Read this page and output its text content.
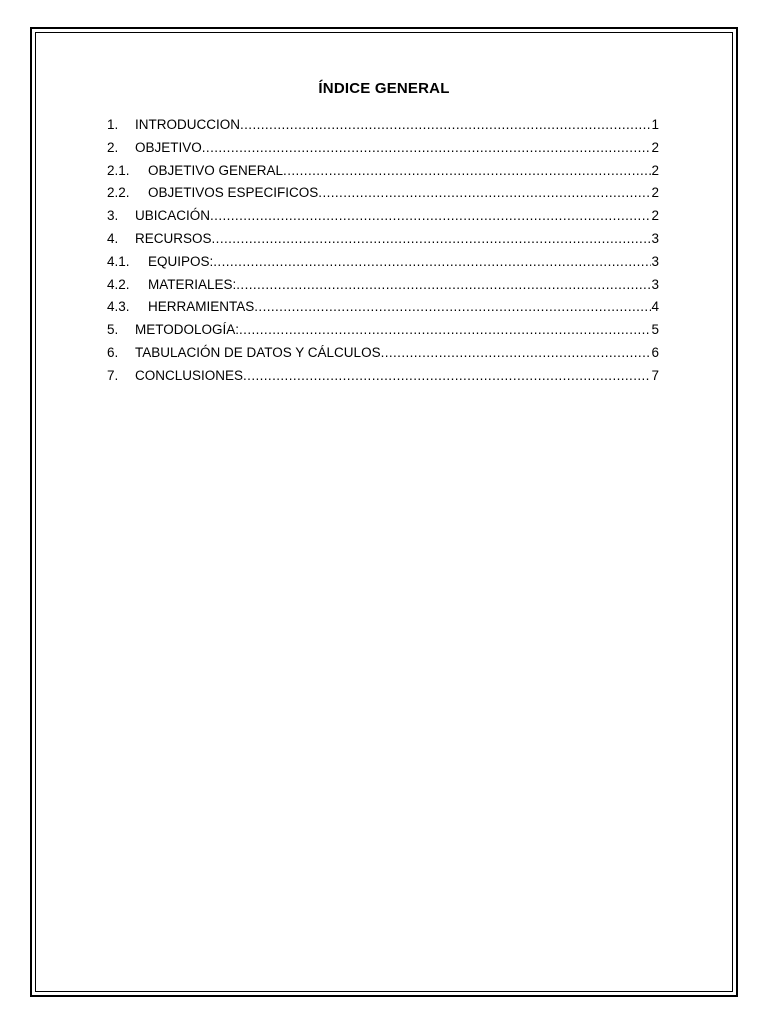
ÍNDICE GENERAL
1.	INTRODUCCION .....	1
2.	OBJETIVO .....	2
2.1.	OBJETIVO GENERAL .....	2
2.2.	OBJETIVOS ESPECIFICOS .....	2
3.	UBICACIÓN .....	2
4.	RECURSOS .....	3
4.1.	EQUIPOS: .....	3
4.2.	MATERIALES: .....	3
4.3.	HERRAMIENTAS .....	4
5.	METODOLOGÍA: .....	5
6.	TABULACIÓN DE DATOS Y CÁLCULOS .....	6
7.	CONCLUSIONES .....	7
